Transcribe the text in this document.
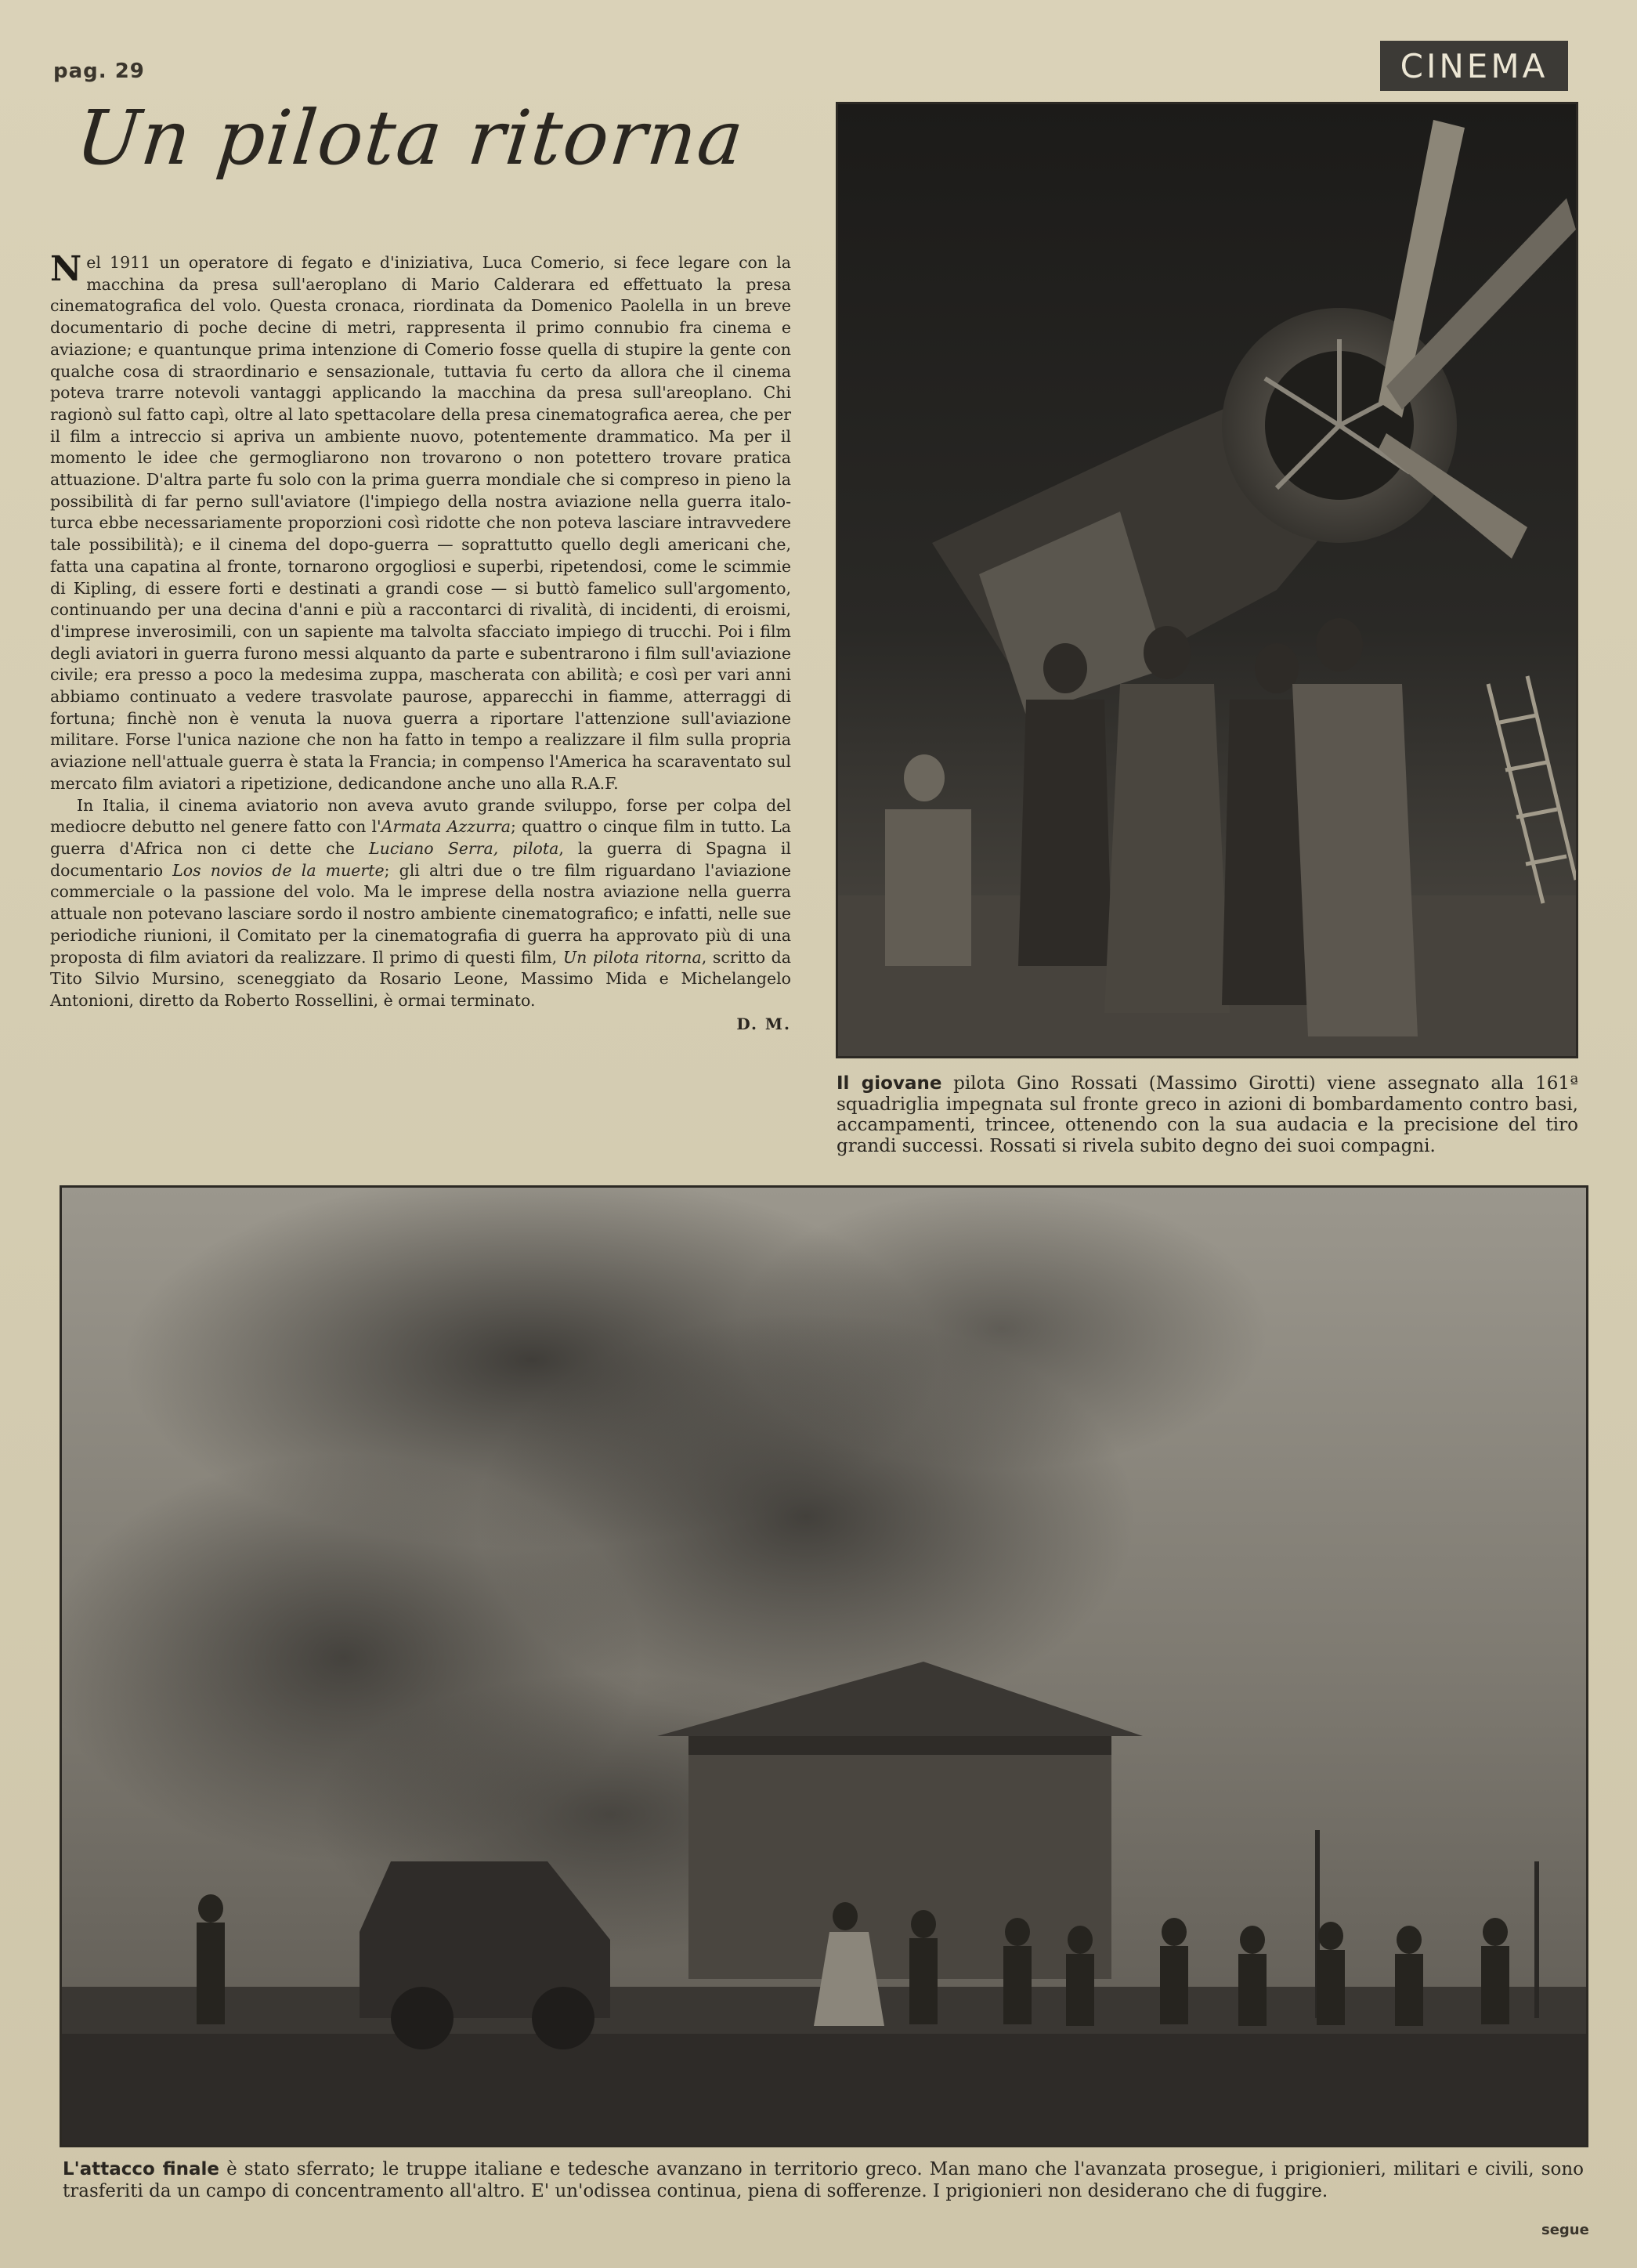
pag. 29	CINEMA
Un pilota ritorna

Nel 1911 un operatore di fegato e d'iniziativa, Luca Comerio, si fece legare con la macchina da presa sull'aeroplano di Mario Calderara ed effettuato la presa cinematografica del volo. Questa cronaca, riordinata da Domenico Paolella in un breve documentario di poche decine di metri, rappresenta il primo connubio fra cinema e aviazione; e quantunque prima intenzione di Comerio fosse quella di stupire la gente con qualche cosa di straordinario e sensazionale, tuttavia fu certo da allora che il cinema poteva trarre notevoli vantaggi applicando la macchina da presa sull'areoplano. Chi ragionò sul fatto capì, oltre al lato spettacolare della presa cinematografica aerea, che per il film a intreccio si apriva un ambiente nuovo, potentemente drammatico. Ma per il momento le idee che germogliarono non trovarono o non potettero trovare pratica attuazione. D'altra parte fu solo con la prima guerra mondiale che si compreso in pieno la possibilità di far perno sull'aviatore (l'impiego della nostra aviazione nella guerra italo-turca ebbe necessariamente proporzioni così ridotte che non poteva lasciare intravvedere tale possibilità); e il cinema del dopo-guerra — soprattutto quello degli americani che, fatta una capatina al fronte, tornarono orgogliosi e superbi, ripetendosi, come le scimmie di Kipling, di essere forti e destinati a grandi cose — si buttò famelico sull'argomento, continuando per una decina d'anni e più a raccontarci di rivalità, di incidenti, di eroismi, d'imprese inverosimili, con un sapiente ma talvolta sfacciato impiego di trucchi. Poi i film degli aviatori in guerra furono messi alquanto da parte e subentrarono i film sull'aviazione civile; era presso a poco la medesima zuppa, mascherata con abilità; e così per vari anni abbiamo continuato a vedere trasvolate paurose, apparecchi in fiamme, atterraggi di fortuna; finchè non è venuta la nuova guerra a riportare l'attenzione sull'aviazione militare. Forse l'unica nazione che non ha fatto in tempo a realizzare il film sulla propria aviazione nell'attuale guerra è stata la Francia; in compenso l'America ha scaraventato sul mercato film aviatori a ripetizione, dedicandone anche uno alla R.A.F.

In Italia, il cinema aviatorio non aveva avuto grande sviluppo, forse per colpa del mediocre debutto nel genere fatto con l'Armata Azzurra; quattro o cinque film in tutto. La guerra d'Africa non ci dette che Luciano Serra, pilota, la guerra di Spagna il documentario Los novios de la muerte; gli altri due o tre film riguardano l'aviazione commerciale o la passione del volo. Ma le imprese della nostra aviazione nella guerra attuale non potevano lasciare sordo il nostro ambiente cinematografico; e infatti, nelle sue periodiche riunioni, il Comitato per la cinematografia di guerra ha approvato più di una proposta di film aviatori da realizzare. Il primo di questi film, Un pilota ritorna, scritto da Tito Silvio Mursino, sceneggiato da Rosario Leone, Massimo Mida e Michelangelo Antonioni, diretto da Roberto Rossellini, è ormai terminato.

D. M.
Il giovane pilota Gino Rossati (Massimo Girotti) viene assegnato alla 161ª squadriglia impegnata sul fronte greco in azioni di bombardamento contro basi, accampamenti, trincee, ottenendo con la sua audacia e la precisione del tiro grandi successi. Rossati si rivela subito degno dei suoi compagni.
L'attacco finale è stato sferrato; le truppe italiane e tedesche avanzano in territorio greco. Man mano che l'avanzata prosegue, i prigionieri, militari e civili, sono trasferiti da un campo di concentramento all'altro. E' un'odissea continua, piena di sofferenze. I prigionieri non desiderano che di fuggire.
segue
